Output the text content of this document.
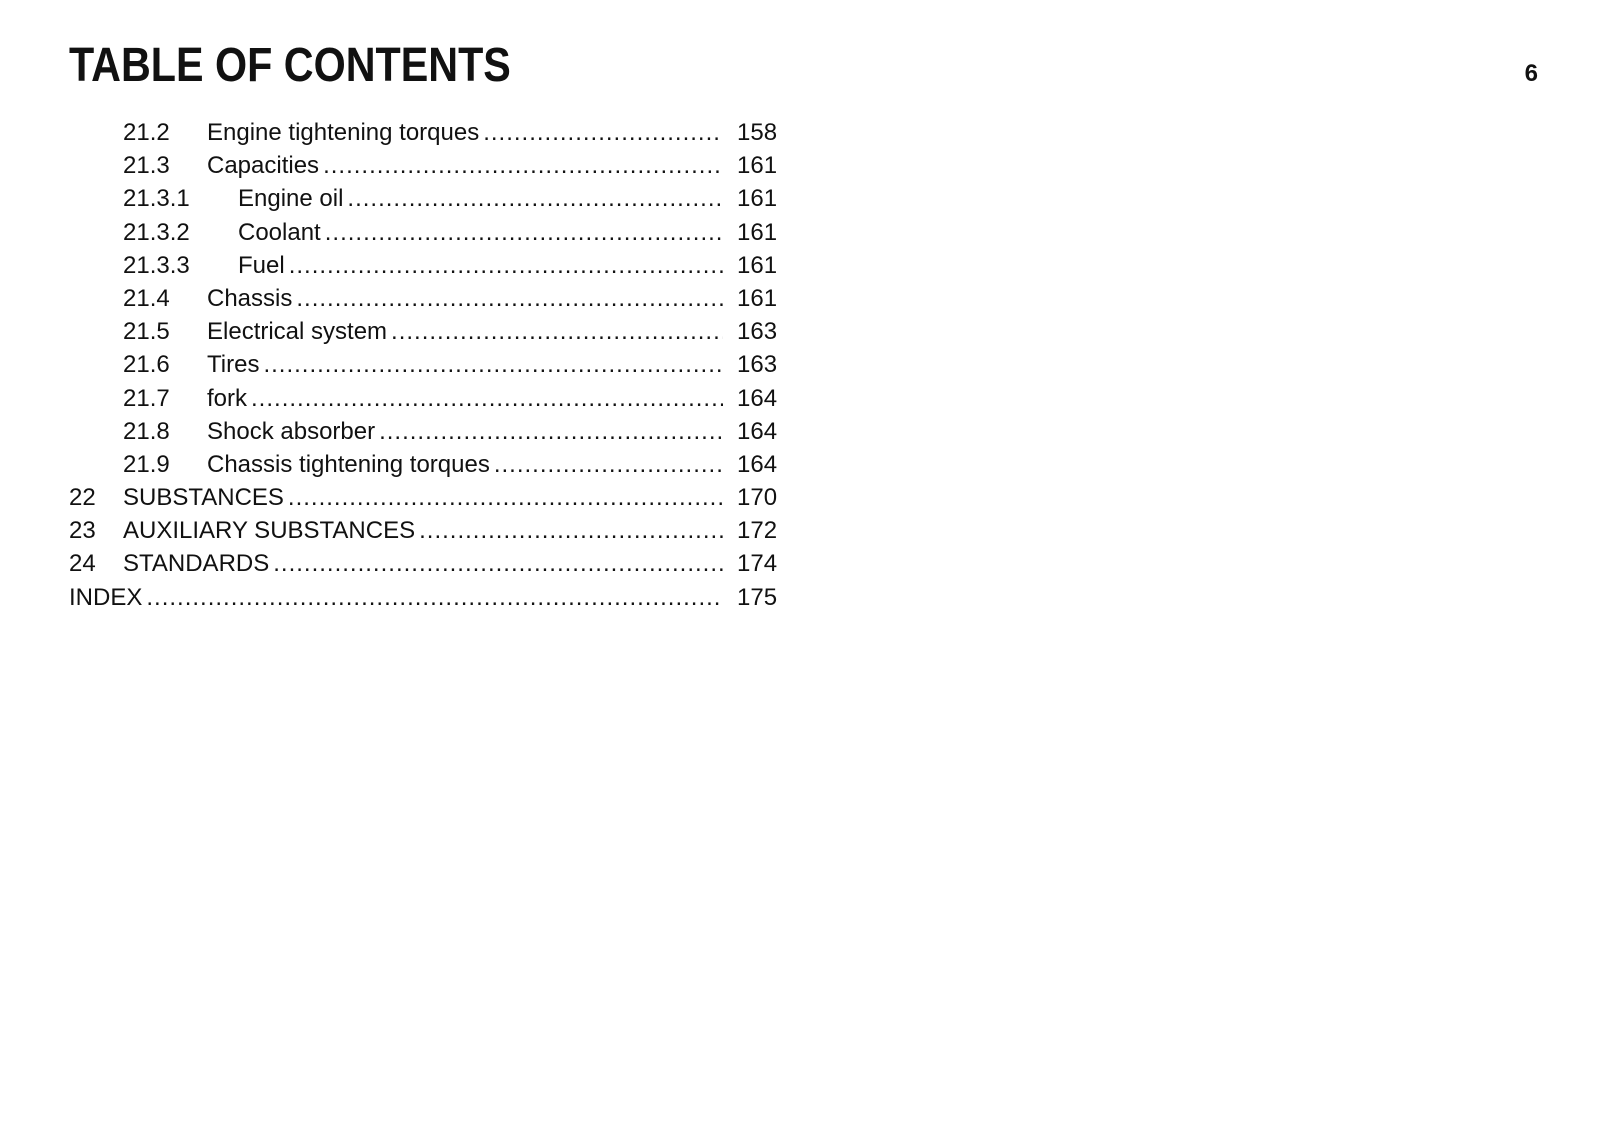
TABLE OF CONTENTS	6
21.2	Engine tightening torques .....	158
21.3	Capacities .....	161
21.3.1	Engine oil .....	161
21.3.2	Coolant .....	161
21.3.3	Fuel .....	161
21.4	Chassis .....	161
21.5	Electrical system .....	163
21.6	Tires .....	163
21.7	fork .....	164
21.8	Shock absorber .....	164
21.9	Chassis tightening torques .....	164
22	SUBSTANCES .....	170
23	AUXILIARY SUBSTANCES .....	172
24	STANDARDS .....	174
INDEX .....	175
